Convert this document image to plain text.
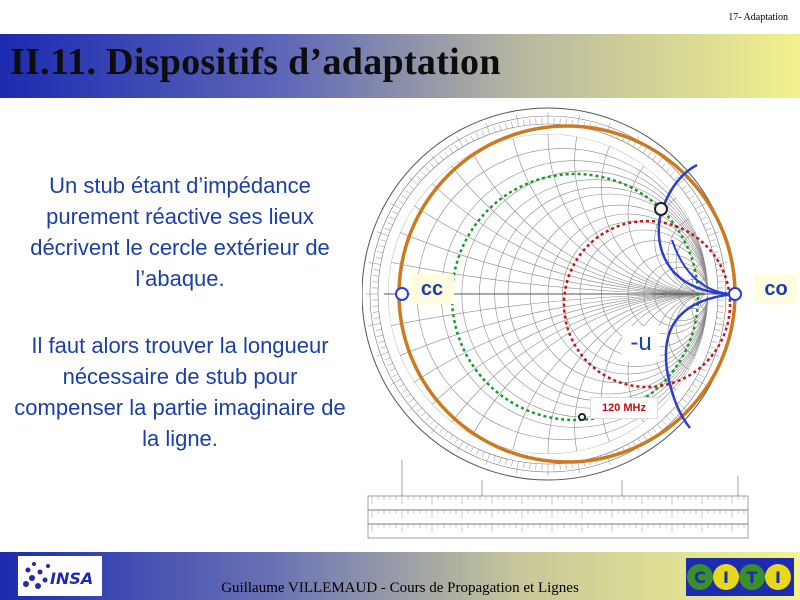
17- Adaptation
II.11. Dispositifs d’adaptation
Un stub étant d’impédance purement réactive ses lieux décrivent le cercle extérieur de l’abaque.
Il faut alors trouver la longueur nécessaire de stub pour compenser la partie imaginaire de la ligne.
cc	co
-u
120 MHz
INSA	Guillaume VILLEMAUD - Cours de Propagation et Lignes
C I T I
